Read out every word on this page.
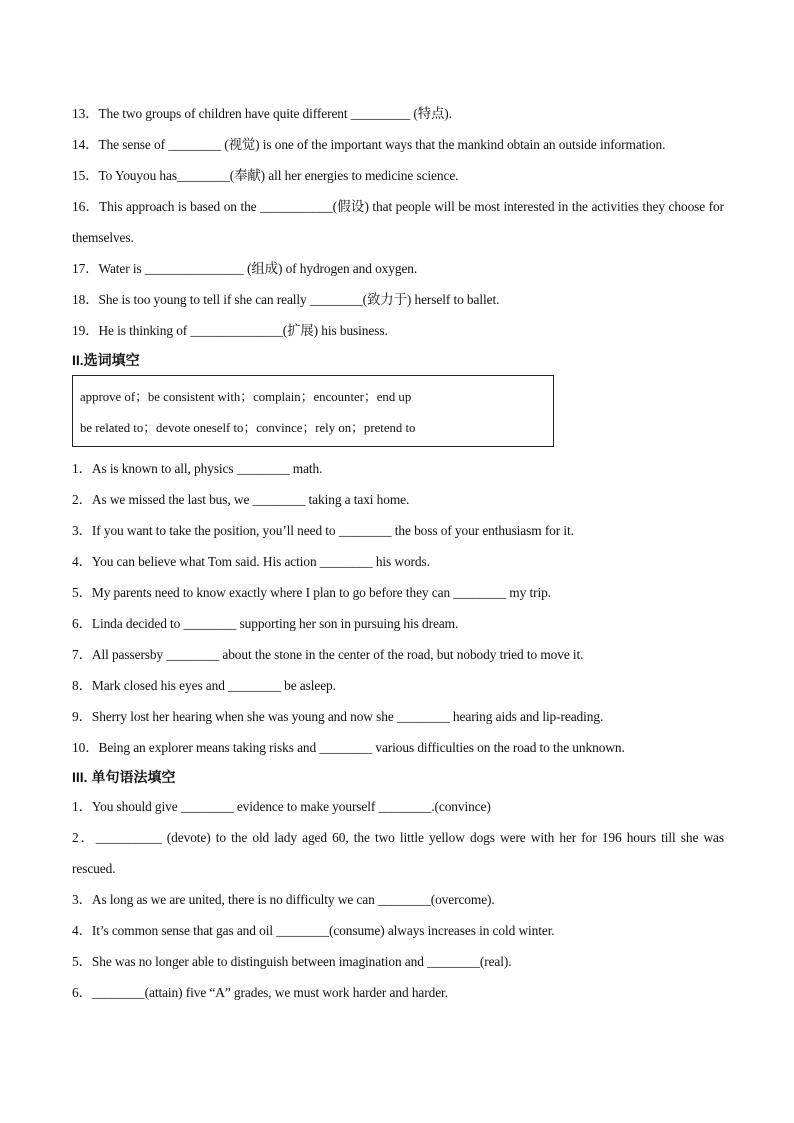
13．The two groups of children have quite different _________ (特点).
14．The sense of ________ (视觉) is one of the important ways that the mankind obtain an outside information.
15．To Youyou has________(奉献) all her energies to medicine science.
16．This approach is based on the ___________(假设) that people will be most interested in the activities they choose for themselves.
17．Water is _______________ (组成) of hydrogen and oxygen.
18．She is too young to tell if she can really ________(致力于) herself to ballet.
19．He is thinking of ______________(扩展) his business.
II.选词填空
approve of；be consistent with；complain；encounter；end up
be related to；devote oneself to；convince；rely on；pretend to
1．As is known to all, physics ________ math.
2．As we missed the last bus, we ________ taking a taxi home.
3．If you want to take the position, you’ll need to ________ the boss of your enthusiasm for it.
4．You can believe what Tom said. His action ________ his words.
5．My parents need to know exactly where I plan to go before they can ________ my trip.
6．Linda decided to ________ supporting her son in pursuing his dream.
7．All passersby ________ about the stone in the center of the road, but nobody tried to move it.
8．Mark closed his eyes and ________ be asleep.
9．Sherry lost her hearing when she was young and now she ________ hearing aids and lip-reading.
10．Being an explorer means taking risks and ________ various difficulties on the road to the unknown.
III. 单句语法填空
1．You should give ________ evidence to make yourself ________.(convince)
2．__________ (devote) to the old lady aged 60, the two little yellow dogs were with her for 196 hours till she was rescued.
3．As long as we are united, there is no difficulty we can ________(overcome).
4．It’s common sense that gas and oil ________(consume) always increases in cold winter.
5．She was no longer able to distinguish between imagination and ________(real).
6．________(attain) five “A” grades, we must work harder and harder.
